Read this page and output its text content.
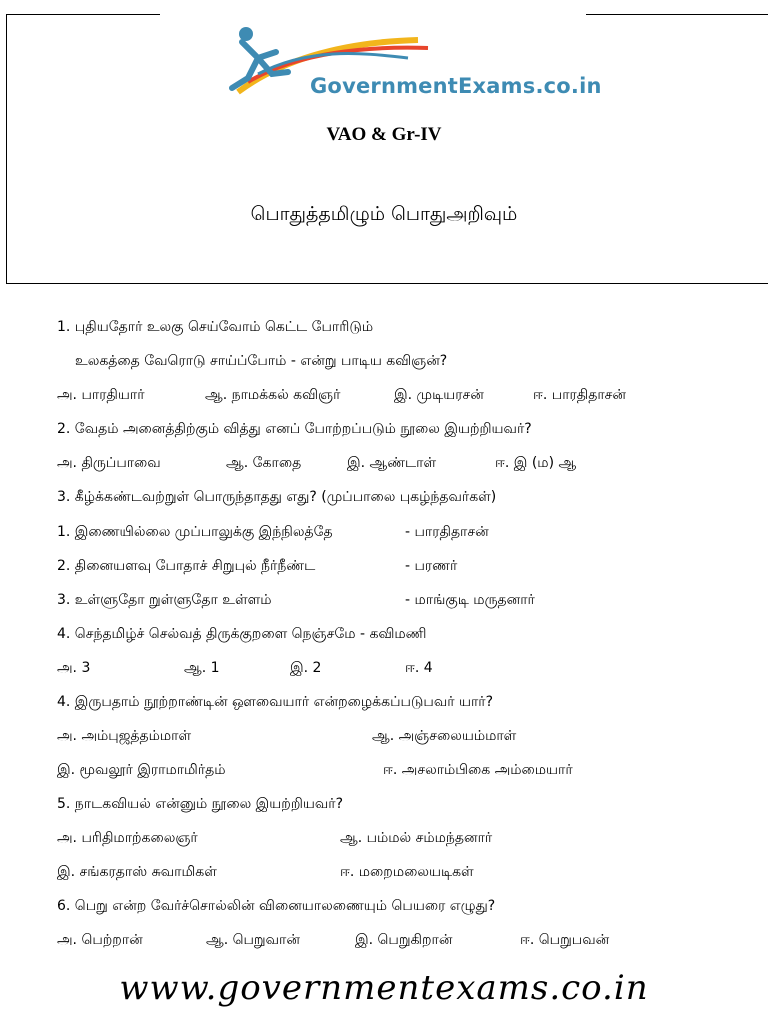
GovernmentExams.co.in
VAO & Gr-IV
பொதுத்தமிழும் பொதுஅறிவும்
1. புதியதோர் உலகு செய்வோம் கெட்ட போரிடும்
உலகத்தை வேரொடு சாய்ப்போம் - என்று பாடிய கவிஞன்?
அ. பாரதியார்	ஆ. நாமக்கல் கவிஞர்	இ. முடியரசன்	ஈ. பாரதிதாசன்
2. வேதம் அனைத்திற்கும் வித்து எனப் போற்றப்படும் நூலை இயற்றியவர்?
அ. திருப்பாவை	ஆ. கோதை	இ. ஆண்டாள்	ஈ. இ (ம) ஆ
3. கீழ்க்கண்டவற்றுள் பொருந்தாதது எது? (முப்பாலை புகழ்ந்தவர்கள்)
1. இணையில்லை முப்பாலுக்கு இந்நிலத்தே	- பாரதிதாசன்
2. தினையளவு போதாச் சிறுபுல் நீர்நீண்ட	- பரணர்
3. உள்ளுதோ றுள்ளுதோ உள்ளம்	- மாங்குடி மருதனார்
4. செந்தமிழ்ச் செல்வத் திருக்குறளை நெஞ்சமே - கவிமணி
அ. 3	ஆ. 1	இ. 2	ஈ. 4
4. இருபதாம் நூற்றாண்டின் ஔவையார் என்றழைக்கப்படுபவர் யார்?
அ. அம்புஜத்தம்மாள்	ஆ. அஞ்சலையம்மாள்
இ. மூவலூர் இராமாமிர்தம்	ஈ. அசலாம்பிகை அம்மையார்
5. நாடகவியல் என்னும் நூலை இயற்றியவர்?
அ. பரிதிமாற்கலைஞர்	ஆ. பம்மல் சம்மந்தனார்
இ. சங்கரதாஸ் சுவாமிகள்	ஈ. மறைமலையடிகள்
6. பெறு என்ற வேர்ச்சொல்லின் வினையாலணையும் பெயரை எழுது?
அ. பெற்றான்	ஆ. பெறுவான்	இ. பெறுகிறான்	ஈ. பெறுபவன்
www.governmentexams.co.in
